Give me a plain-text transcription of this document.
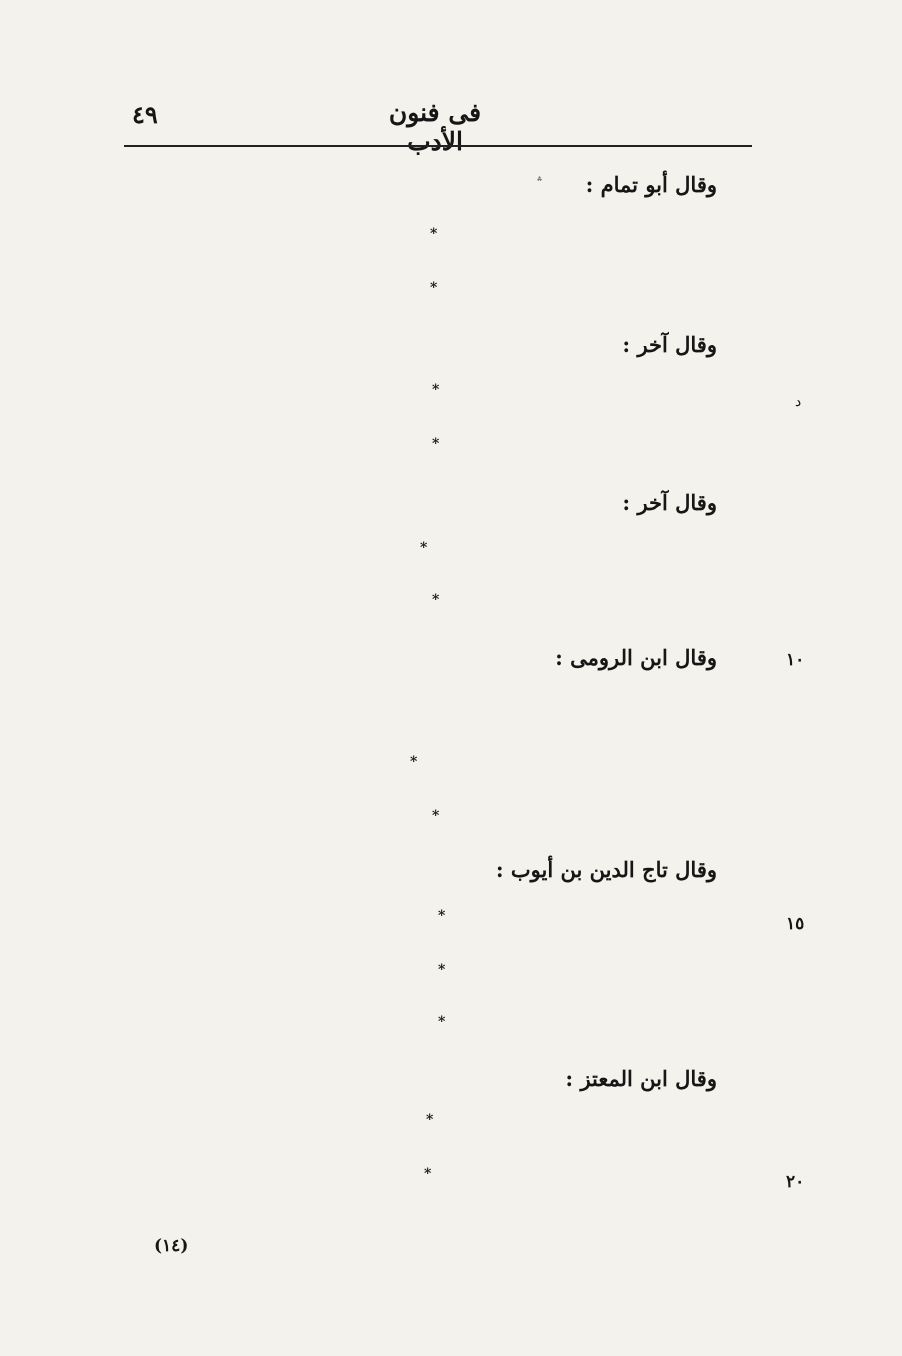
٤٩	فى فنون الأدب
؞ وقال أبو تمام :
وقال آخر :
وقال آخر :
وقال ابن الرومى :
وقال تاج الدين بن أيوب :
وقال ابن المعتز :
*
*
*
*
*
*
*
*
*
*
*
*
*
د
١٠
١٥
٢٠
(١٤)
